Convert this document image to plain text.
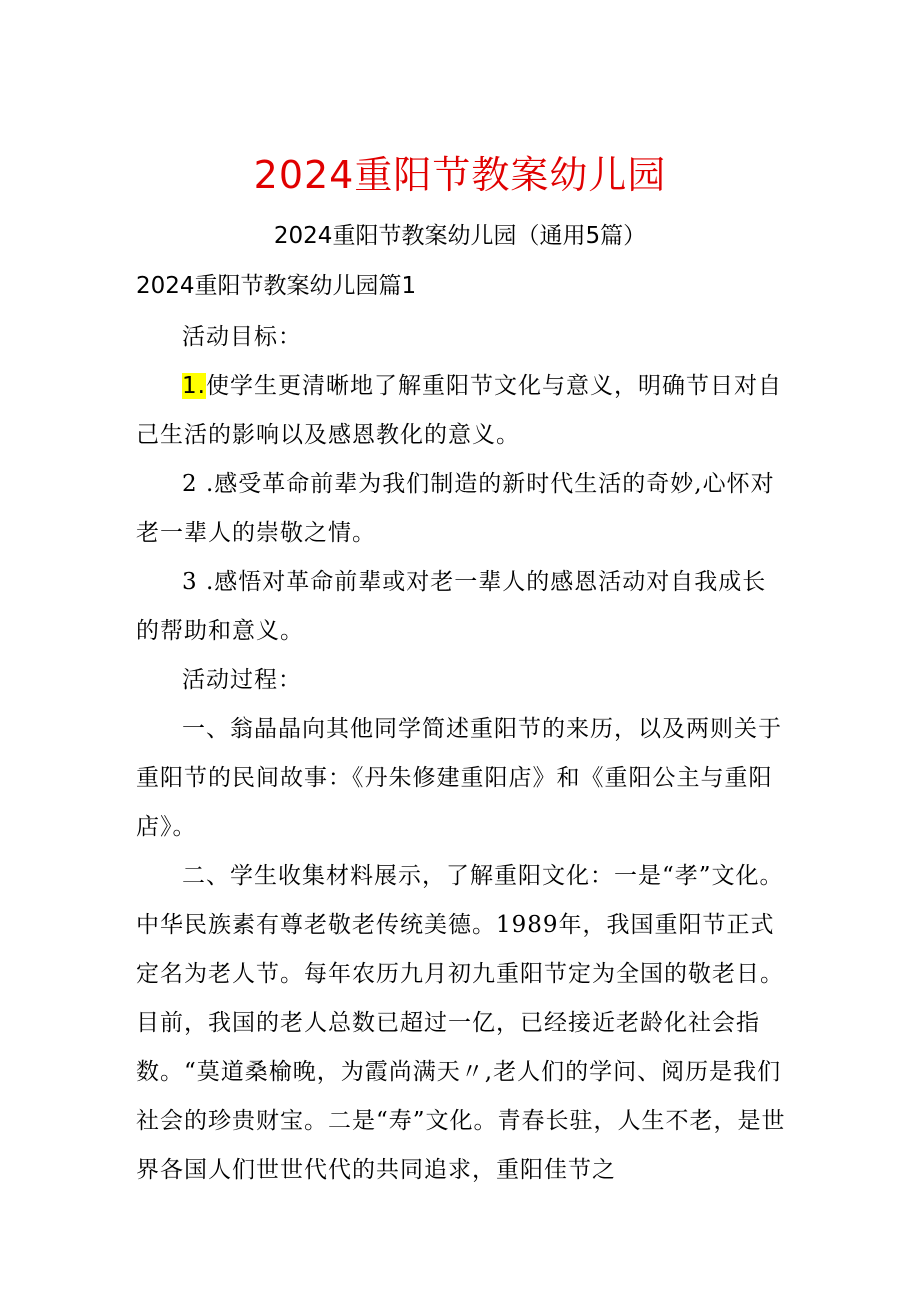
2024重阳节教案幼儿园
2024重阳节教案幼儿园（通用5篇）
2024重阳节教案幼儿园篇1

活动目标：

1.使学生更清晰地了解重阳节文化与意义，明确节日对自己生活的影响以及感恩教化的意义。

2 .感受革命前辈为我们制造的新时代生活的奇妙,心怀对老一辈人的崇敬之情。

3 .感悟对革命前辈或对老一辈人的感恩活动对自我成长的帮助和意义。

活动过程：

一、翁晶晶向其他同学简述重阳节的来历，以及两则关于重阳节的民间故事：《丹朱修建重阳店》和《重阳公主与重阳店》。

二、学生收集材料展示，了解重阳文化：一是“孝”文化。中华民族素有尊老敬老传统美德。1989年，我国重阳节正式定名为老人节。每年农历九月初九重阳节定为全国的敬老日。目前，我国的老人总数已超过一亿，已经接近老龄化社会指数。“莫道桑榆晚，为霞尚满天〃,老人们的学问、阅历是我们社会的珍贵财宝。二是“寿”文化。青春长驻，人生不老，是世界各国人们世世代代的共同追求，重阳佳节之
